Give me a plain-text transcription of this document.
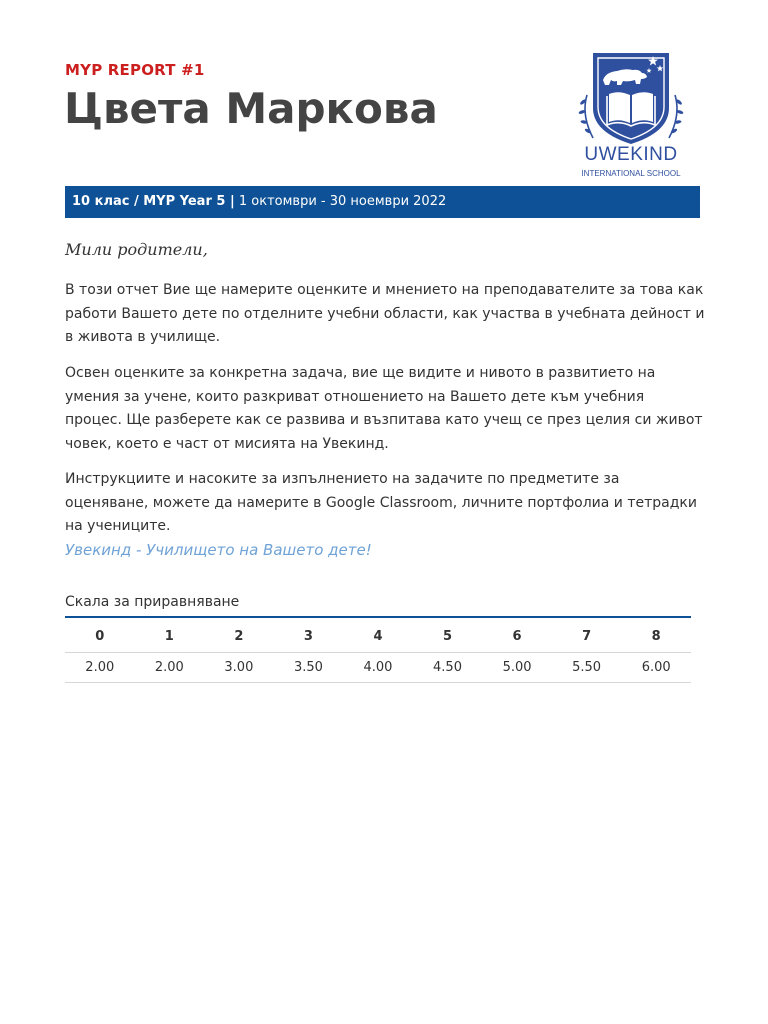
MYP REPORT #1
Цвета Маркова
UWEKIND
INTERNATIONAL SCHOOL
10 клас / MYP Year 5 | 1 октомври - 30 ноември 2022
Мили родители,

В този отчет Вие ще намерите оценките и мнението на преподавателите за това как работи Вашето дете по отделните учебни области, как участва в учебната дейност и в живота в училище.

Освен оценките за конкретна задача, вие ще видите и нивото в развитието на умения за учене, които разкриват отношението на Вашето дете към учебния процес. Ще разберете как се развива и възпитава като учещ се през целия си живот човек, което е част от мисията на Увекинд.

Инструкциите и насоките за изпълнението на задачите по предметите за оценяване, можете да намерите в Google Classroom, личните портфолиа и тетрадки на учениците.

Увекинд - Училището на Вашето дете!
Скала за приравняване
0	1	2	3	4	5	6	7	8
2.00	2.00	3.00	3.50	4.00	4.50	5.00	5.50	6.00
